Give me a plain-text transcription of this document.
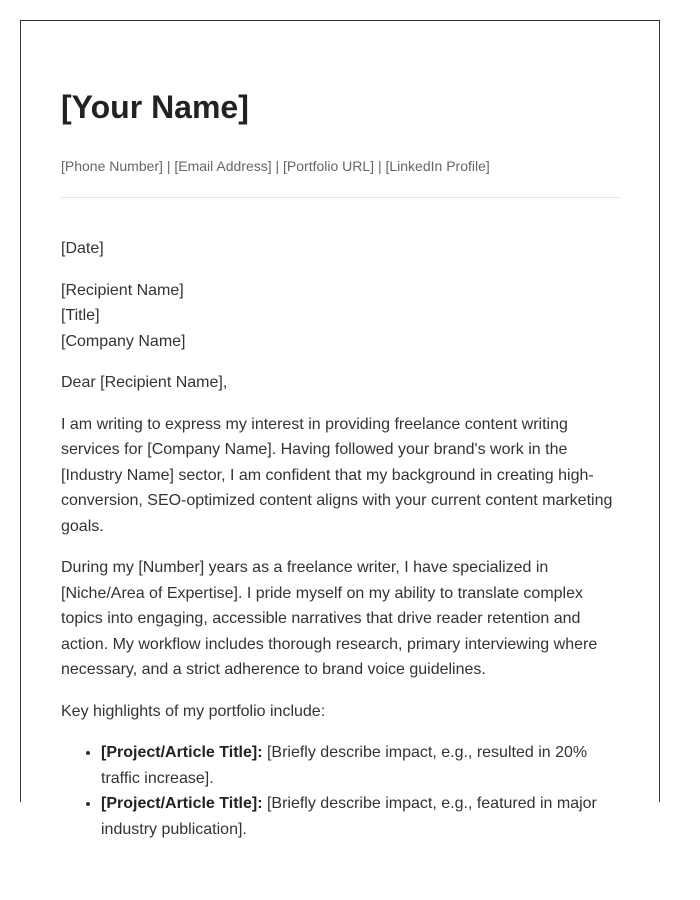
[Your Name]
[Phone Number] | [Email Address] | [Portfolio URL] | [LinkedIn Profile]

[Date]

[Recipient Name]
[Title]
[Company Name]

Dear [Recipient Name],

I am writing to express my interest in providing freelance content writing services for [Company Name]. Having followed your brand's work in the [Industry Name] sector, I am confident that my background in creating high-conversion, SEO-optimized content aligns with your current content marketing goals.

During my [Number] years as a freelance writer, I have specialized in [Niche/Area of Expertise]. I pride myself on my ability to translate complex topics into engaging, accessible narratives that drive reader retention and action. My workflow includes thorough research, primary interviewing where necessary, and a strict adherence to brand voice guidelines.

Key highlights of my portfolio include:

• [Project/Article Title]: [Briefly describe impact, e.g., resulted in 20% traffic increase].
• [Project/Article Title]: [Briefly describe impact, e.g., featured in major industry publication].
